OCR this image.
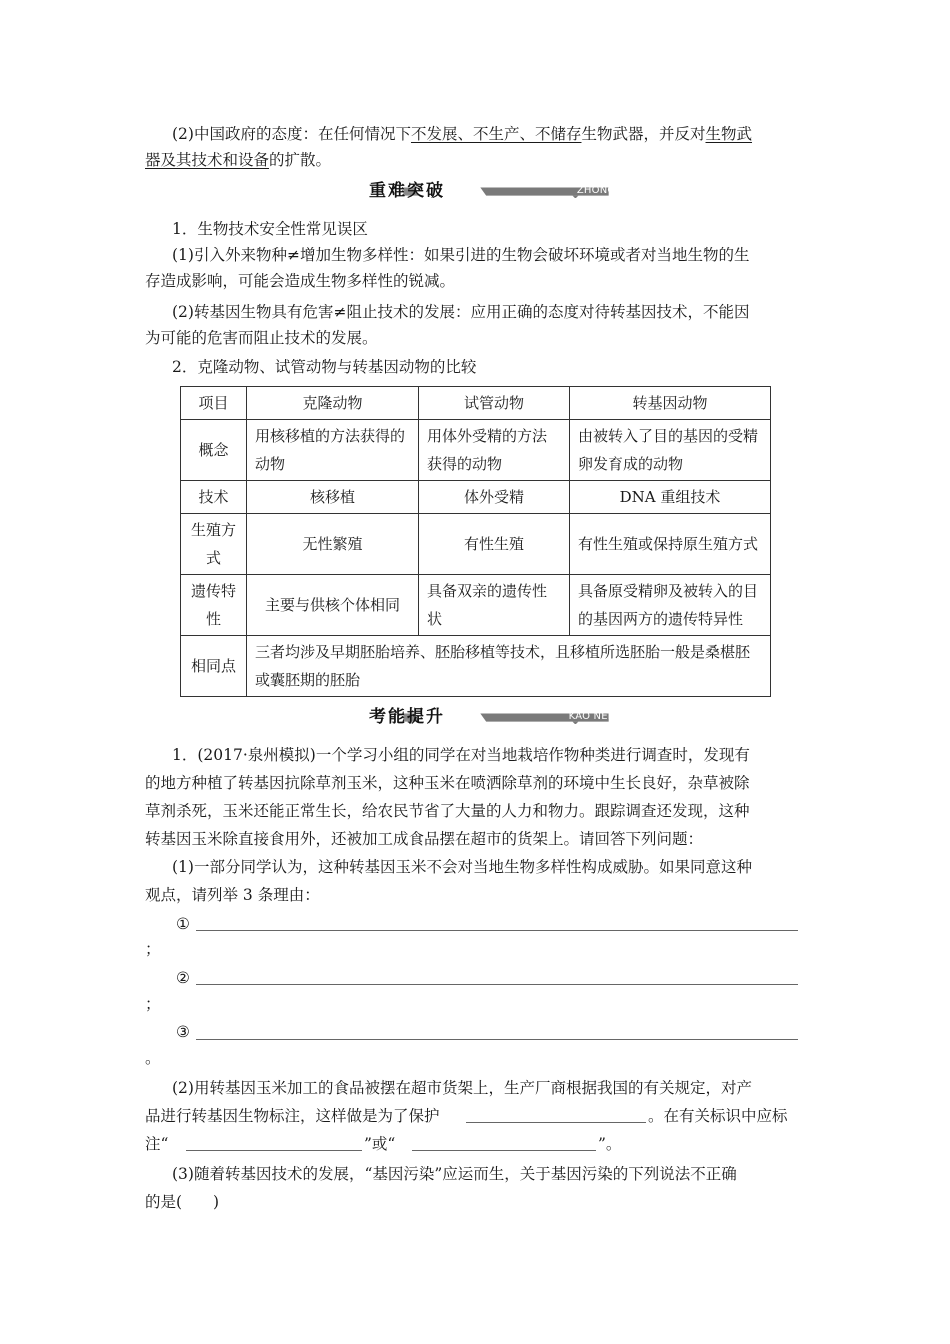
(2)中国政府的态度：在任何情况下不发展、不生产、不储存生物武器，并反对生物武
器及其技术和设备的扩散。
重难突破	ZHONG NAN TU PO
1．生物技术安全性常见误区
(1)引入外来物种≠增加生物多样性：如果引进的生物会破坏环境或者对当地生物的生
存造成影响，可能会造成生物多样性的锐减。
(2)转基因生物具有危害≠阻止技术的发展：应用正确的态度对待转基因技术，不能因
为可能的危害而阻止技术的发展。
2．克隆动物、试管动物与转基因动物的比较
项目	克隆动物	试管动物	转基因动物
概念	用核移植的方法获得的动物	用体外受精的方法获得的动物	由被转入了目的基因的受精卵发育成的动物
技术	核移植	体外受精	DNA 重组技术
生殖方式	无性繁殖	有性生殖	有性生殖或保持原生殖方式
遗传特性	主要与供核个体相同	具备双亲的遗传性状	具备原受精卵及被转入的目的基因两方的遗传特异性
相同点	三者均涉及早期胚胎培养、胚胎移植等技术，且移植所选胚胎一般是桑椹胚或囊胚期的胚胎		
考能提升	KAO NENG TI SHENG
1．(2017·泉州模拟)一个学习小组的同学在对当地栽培作物种类进行调查时，发现有
的地方种植了转基因抗除草剂玉米，这种玉米在喷洒除草剂的环境中生长良好，杂草被除
草剂杀死，玉米还能正常生长，给农民节省了大量的人力和物力。跟踪调查还发现，这种
转基因玉米除直接食用外，还被加工成食品摆在超市的货架上。请回答下列问题：
(1)一部分同学认为，这种转基因玉米不会对当地生物多样性构成威胁。如果同意这种
观点，请列举 3 条理由：
①
；
②
；
③
。
(2)用转基因玉米加工的食品被摆在超市货架上，生产厂商根据我国的有关规定，对产
品进行转基因生物标注，这样做是为了保护	。在有关标识中应标
注“	”或“	”。
(3)随着转基因技术的发展，“基因污染”应运而生，关于基因污染的下列说法不正确
的是(　　)
